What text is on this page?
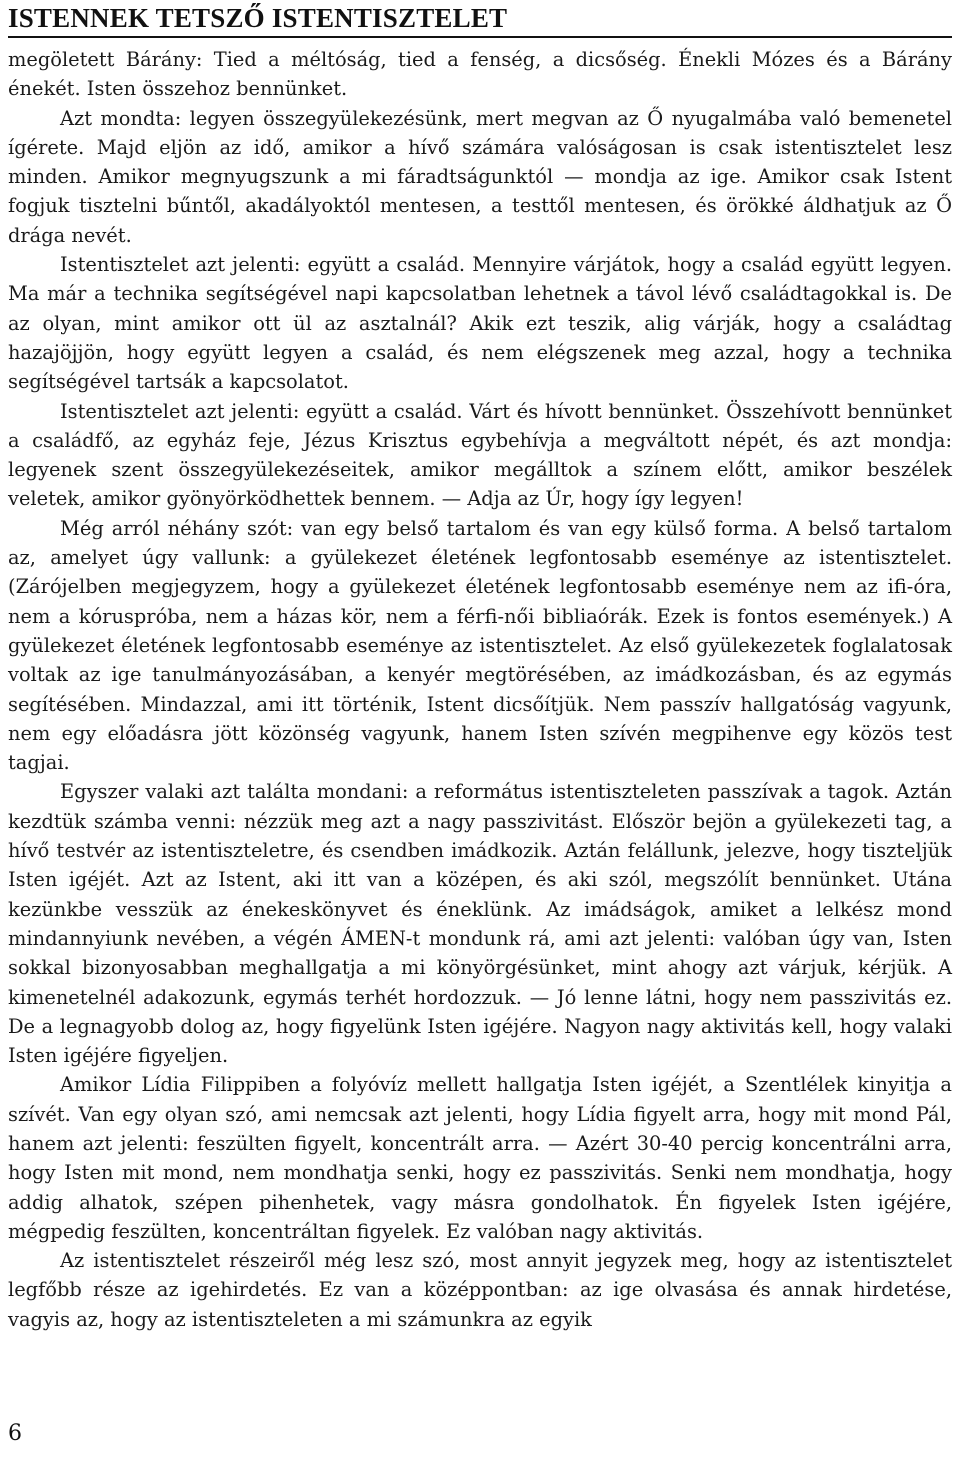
ISTENNEK TETSZŐ ISTENTISZTELET

megöletett Bárány: Tied a méltóság, tied a fenség, a dicsőség. Énekli Mózes és a Bárány énekét. Isten összehoz bennünket.

Azt mondta: legyen összegyülekezésünk, mert megvan az Ő nyugalmába való bemenetel ígérete. Majd eljön az idő, amikor a hívő számára valóságosan is csak istentisztelet lesz minden. Amikor megnyugszunk a mi fáradtságunktól — mondja az ige. Amikor csak Istent fogjuk tisztelni bűntől, akadályoktól mentesen, a testtől mentesen, és örökké áldhatjuk az Ő drága nevét.

Istentisztelet azt jelenti: együtt a család. Mennyire várjátok, hogy a család együtt legyen. Ma már a technika segítségével napi kapcsolatban lehetnek a távol lévő családtagokkal is. De az olyan, mint amikor ott ül az asztalnál? Akik ezt teszik, alig várják, hogy a családtag hazajöjjön, hogy együtt legyen a család, és nem elégszenek meg azzal, hogy a technika segítségével tartsák a kapcsolatot.

Istentisztelet azt jelenti: együtt a család. Várt és hívott bennünket. Összehívott bennünket a családfő, az egyház feje, Jézus Krisztus egybehívja a megváltott népét, és azt mondja: legyenek szent összegyülekezéseitek, amikor megálltok a színem előtt, amikor beszélek veletek, amikor gyönyörködhettek bennem. — Adja az Úr, hogy így legyen!

Még arról néhány szót: van egy belső tartalom és van egy külső forma. A belső tartalom az, amelyet úgy vallunk: a gyülekezet életének legfontosabb eseménye az istentisztelet. (Zárójelben megjegyzem, hogy a gyülekezet életének legfontosabb eseménye nem az ifi-óra, nem a kóruspróba, nem a házas kör, nem a férfi-női bibliaórák. Ezek is fontos események.) A gyülekezet életének legfontosabb eseménye az istentisztelet. Az első gyülekezetek foglalatosak voltak az ige tanulmányozásában, a kenyér megtörésében, az imádkozásban, és az egymás segítésében. Mindazzal, ami itt történik, Istent dicsőítjük. Nem passzív hallgatóság vagyunk, nem egy előadásra jött közönség vagyunk, hanem Isten szívén megpihenve egy közös test tagjai.

Egyszer valaki azt találta mondani: a református istentiszteleten passzívak a tagok. Aztán kezdtük számba venni: nézzük meg azt a nagy passzivitást. Először bejön a gyülekezeti tag, a hívő testvér az istentiszteletre, és csendben imádkozik. Aztán felállunk, jelezve, hogy tiszteljük Isten igéjét. Azt az Istent, aki itt van a középen, és aki szól, megszólít bennünket. Utána kezünkbe vesszük az énekeskönyvet és éneklünk. Az imádságok, amiket a lelkész mond mindannyiunk nevében, a végén ÁMEN-t mondunk rá, ami azt jelenti: valóban úgy van, Isten sokkal bizonyosabban meghallgatja a mi könyörgésünket, mint ahogy azt várjuk, kérjük. A kimenetelnél adakozunk, egymás terhét hordozzuk. — Jó lenne látni, hogy nem passzivitás ez. De a legnagyobb dolog az, hogy figyelünk Isten igéjére. Nagyon nagy aktivitás kell, hogy valaki Isten igéjére figyeljen.

Amikor Lídia Filippiben a folyóvíz mellett hallgatja Isten igéjét, a Szentlélek kinyitja a szívét. Van egy olyan szó, ami nemcsak azt jelenti, hogy Lídia figyelt arra, hogy mit mond Pál, hanem azt jelenti: feszülten figyelt, koncentrált arra. — Azért 30-40 percig koncentrálni arra, hogy Isten mit mond, nem mondhatja senki, hogy ez passzivitás. Senki nem mondhatja, hogy addig alhatok, szépen pihenhetek, vagy másra gondolhatok. Én figyelek Isten igéjére, mégpedig feszülten, koncentráltan figyelek. Ez valóban nagy aktivitás.

Az istentisztelet részeiről még lesz szó, most annyit jegyzek meg, hogy az istentisztelet legfőbb része az igehirdetés. Ez van a középpontban: az ige olvasása és annak hirdetése, vagyis az, hogy az istentiszteleten a mi számunkra az egyik

6
